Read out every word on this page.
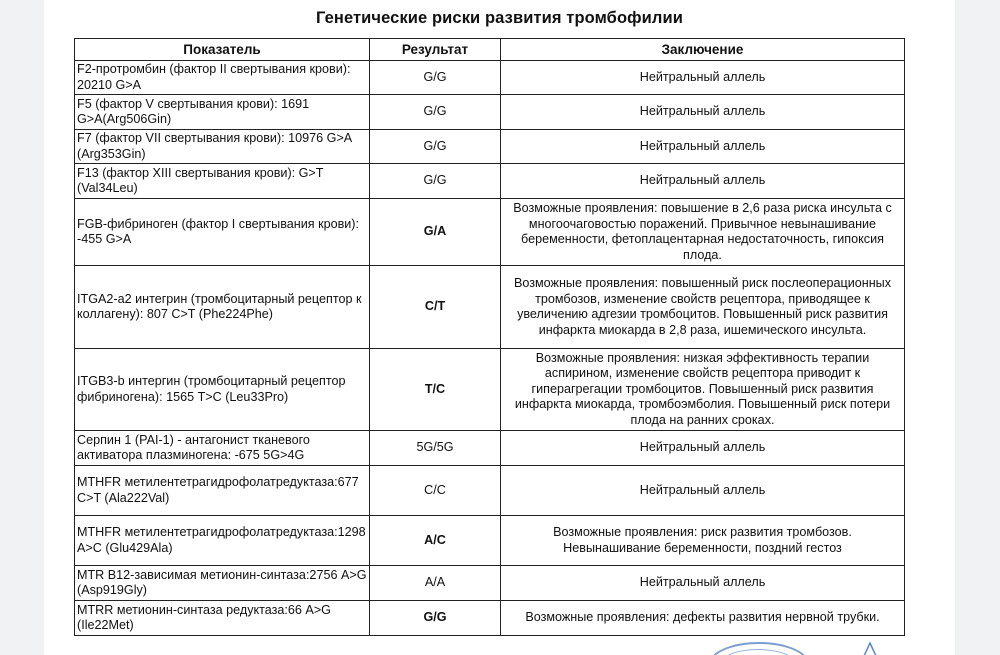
Генетические риски развития тромбофилии
Показатель	Результат	Заключение
F2-протромбин (фактор II свертывания крови): 20210 G>A	G/G	Нейтральный аллель
F5 (фактор V свертывания крови): 1691 G>A(Arg506Gin)	G/G	Нейтральный аллель
F7 (фактор VII свертывания крови): 10976 G>A (Arg353Gin)	G/G	Нейтральный аллель
F13 (фактор XIII свертывания крови): G>T (Val34Leu)	G/G	Нейтральный аллель
FGB-фибриноген (фактор I свертывания крови): -455 G>A	G/A	Возможные проявления: повышение в 2,6 раза риска инсульта с многоочаговостью поражений. Привычное невынашивание беременности, фетоплацентарная недостаточность, гипоксия плода.
ITGA2-a2 интегрин (тромбоцитарный рецептор к коллагену): 807 C>T (Phe224Phe)	C/T	Возможные проявления: повышенный риск послеоперационных тромбозов, изменение свойств рецептора, приводящее к увеличению адгезии тромбоцитов. Повышенный риск развития инфаркта миокарда в 2,8 раза, ишемического инсульта.
ITGB3-b интергин (тромбоцитарный рецептор фибриногена): 1565 T>C (Leu33Pro)	T/C	Возможные проявления: низкая эффективность терапии аспирином, изменение свойств рецептора приводит к гиперагрегации тромбоцитов. Повышенный риск развития инфаркта миокарда, тромбоэмболия. Повышенный риск потери плода на ранних сроках.
Серпин 1 (PAI-1) - антагонист тканевого активатора плазминогена: -675 5G>4G	5G/5G	Нейтральный аллель
MTHFR метилентетрагидрофолатредуктаза:677 C>T (Ala222Val)	C/C	Нейтральный аллель
MTHFR метилентетрагидрофолатредуктаза:1298 A>C (Glu429Ala)	A/C	Возможные проявления: риск развития тромбозов. Невынашивание беременности, поздний гестоз
MTR B12-зависимая метионин-синтаза:2756 A>G (Asp919Gly)	A/A	Нейтральный аллель
MTRR метионин-синтаза редуктаза:66 A>G (Ile22Met)	G/G	Возможные проявления: дефекты развития нервной трубки.
